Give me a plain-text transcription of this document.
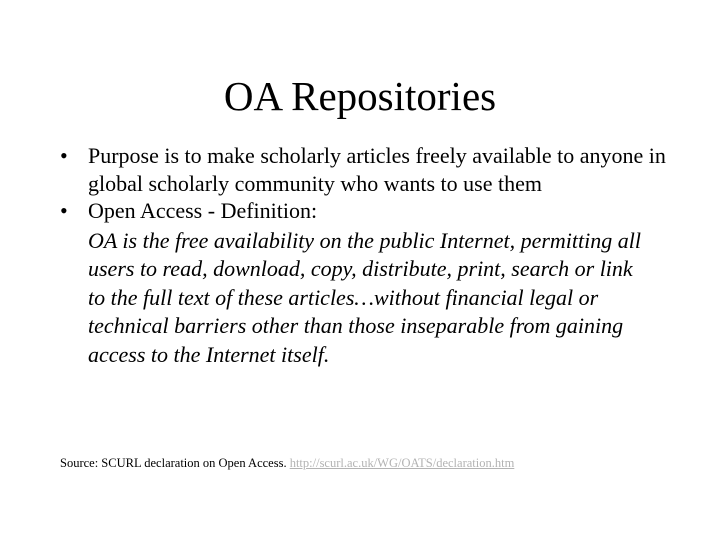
OA Repositories
• Purpose is to make scholarly articles freely available to anyone in global scholarly community who wants to use them
• Open Access - Definition:
OA is the free availability on the public Internet, permitting all users to read, download, copy, distribute, print, search or link to the full text of these articles…without financial legal or technical barriers other than those inseparable from gaining access to the Internet itself.
Source: SCURL declaration on Open Access. http://scurl.ac.uk/WG/OATS/declaration.htm
